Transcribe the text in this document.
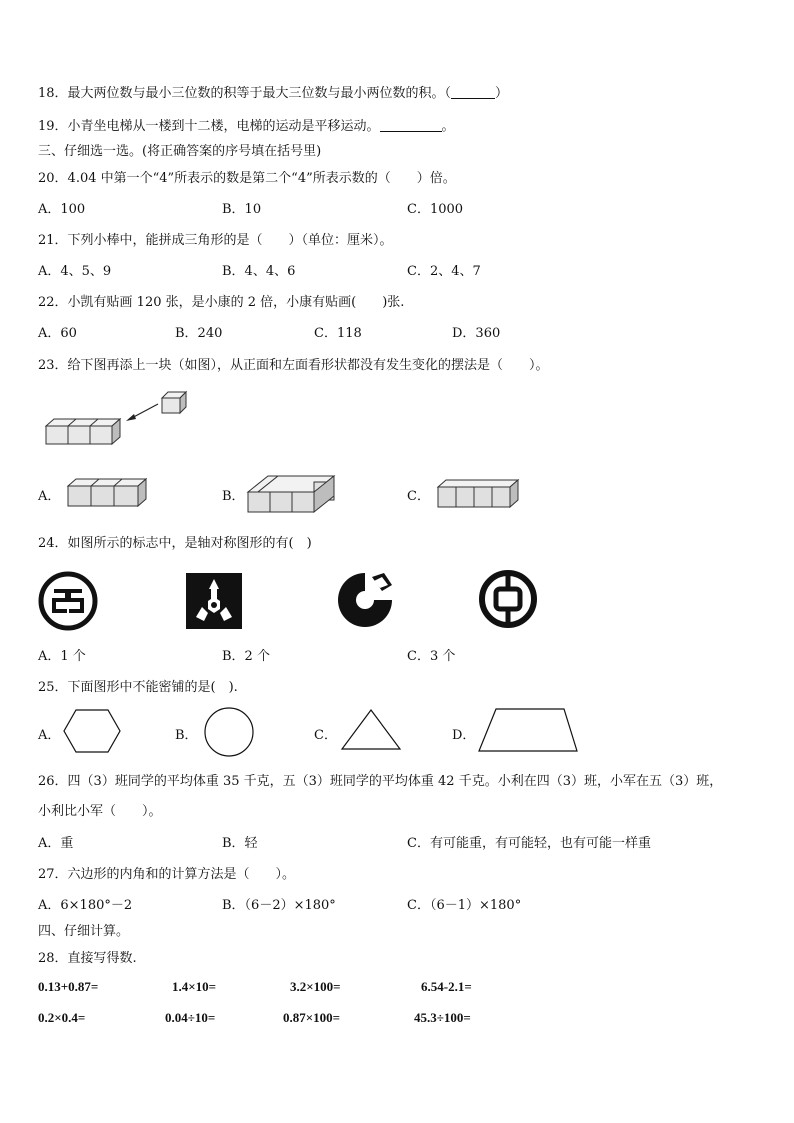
18．最大两位数与最小三位数的积等于最大三位数与最小两位数的积。（	）
19．小青坐电梯从一楼到十二楼，电梯的运动是平移运动。	。
三、仔细选一选。(将正确答案的序号填在括号里)
20．4.04 中第一个“4”所表示的数是第二个“4”所表示数的（　　）倍。
A．100	B．10	C．1000
21．下列小棒中，能拼成三角形的是（　　）（单位：厘米）。
A．4、5、9	B．4、4、6	C．2、4、7
22．小凯有贴画 120 张，是小康的 2 倍，小康有贴画(　　)张.
A．60	B．240	C．118	D．360
23．给下图再添上一块（如图），从正面和左面看形状都没有发生变化的摆法是（　　）。
A．	B．	C．
24．如图所示的标志中，是轴对称图形的有(　)
A．1 个	B．2 个	C．3 个
25．下面图形中不能密铺的是(　).
A．	B．	C．	D．
26．四（3）班同学的平均体重 35 千克，五（3）班同学的平均体重 42 千克。小利在四（3）班，小军在五（3）班，
小利比小军（　　）。
A．重	B．轻	C．有可能重，有可能轻，也有可能一样重
27．六边形的内角和的计算方法是（　　）。
A．6×180°－2	B．（6－2）×180°	C．（6－1）×180°
四、仔细计算。
28．直接写得数.
0.13+0.87=	1.4×10=	3.2×100=	6.54-2.1=
0.2×0.4=	0.04÷10=	0.87×100=	45.3÷100=
